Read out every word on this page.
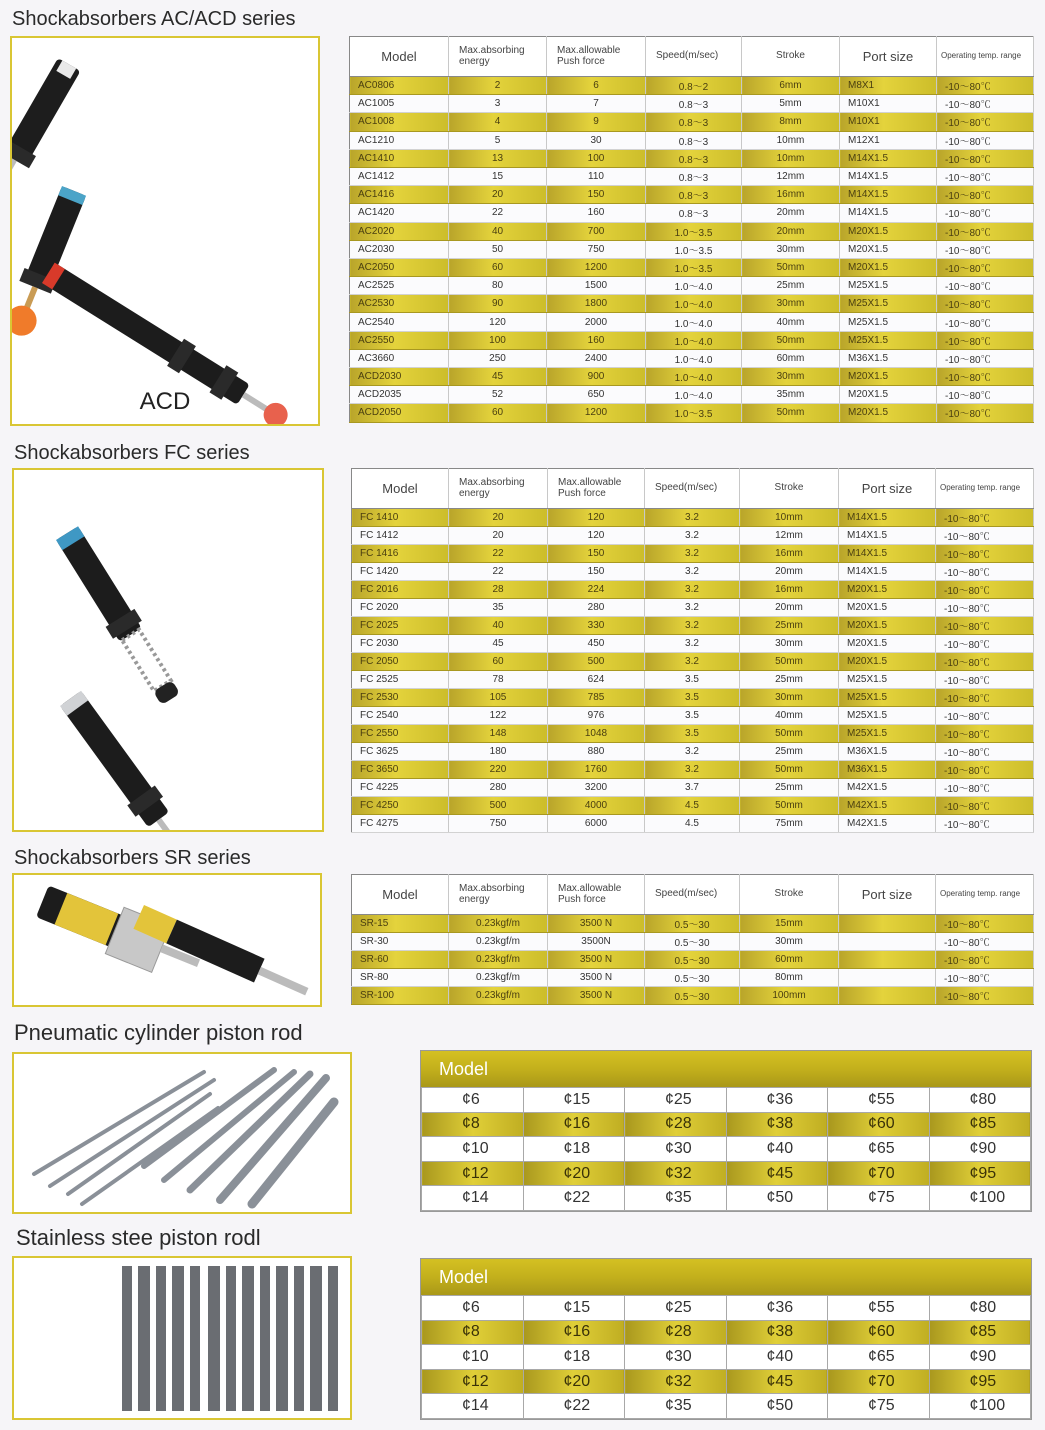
Shockabsorbers AC/ACD series
ACD
Model	Max.absorbing energy	Max.allowable Push force	Speed(m/sec)	Stroke	Port size	Operating temp. range
AC0806	2	6	0.8～2	6mm	M8X1	-10～80℃
AC1005	3	7	0.8～3	5mm	M10X1	-10～80℃
AC1008	4	9	0.8～3	8mm	M10X1	-10～80℃
AC1210	5	30	0.8～3	10mm	M12X1	-10～80℃
AC1410	13	100	0.8～3	10mm	M14X1.5	-10～80℃
AC1412	15	110	0.8～3	12mm	M14X1.5	-10～80℃
AC1416	20	150	0.8～3	16mm	M14X1.5	-10～80℃
AC1420	22	160	0.8～3	20mm	M14X1.5	-10～80℃
AC2020	40	700	1.0～3.5	20mm	M20X1.5	-10～80℃
AC2030	50	750	1.0～3.5	30mm	M20X1.5	-10～80℃
AC2050	60	1200	1.0～3.5	50mm	M20X1.5	-10～80℃
AC2525	80	1500	1.0～4.0	25mm	M25X1.5	-10～80℃
AC2530	90	1800	1.0～4.0	30mm	M25X1.5	-10～80℃
AC2540	120	2000	1.0～4.0	40mm	M25X1.5	-10～80℃
AC2550	100	160	1.0～4.0	50mm	M25X1.5	-10～80℃
AC3660	250	2400	1.0～4.0	60mm	M36X1.5	-10～80℃
ACD2030	45	900	1.0～4.0	30mm	M20X1.5	-10～80℃
ACD2035	52	650	1.0～4.0	35mm	M20X1.5	-10～80℃
ACD2050	60	1200	1.0～3.5	50mm	M20X1.5	-10～80℃
Shockabsorbers FC series
Model	Max.absorbing energy	Max.allowable Push force	Speed(m/sec)	Stroke	Port size	Operating temp. range
FC 1410	20	120	3.2	10mm	M14X1.5	-10～80℃
FC 1412	20	120	3.2	12mm	M14X1.5	-10～80℃
FC 1416	22	150	3.2	16mm	M14X1.5	-10～80℃
FC 1420	22	150	3.2	20mm	M14X1.5	-10～80℃
FC 2016	28	224	3.2	16mm	M20X1.5	-10～80℃
FC 2020	35	280	3.2	20mm	M20X1.5	-10～80℃
FC 2025	40	330	3.2	25mm	M20X1.5	-10～80℃
FC 2030	45	450	3.2	30mm	M20X1.5	-10～80℃
FC 2050	60	500	3.2	50mm	M20X1.5	-10～80℃
FC 2525	78	624	3.5	25mm	M25X1.5	-10～80℃
FC 2530	105	785	3.5	30mm	M25X1.5	-10～80℃
FC 2540	122	976	3.5	40mm	M25X1.5	-10～80℃
FC 2550	148	1048	3.5	50mm	M25X1.5	-10～80℃
FC 3625	180	880	3.2	25mm	M36X1.5	-10～80℃
FC 3650	220	1760	3.2	50mm	M36X1.5	-10～80℃
FC 4225	280	3200	3.7	25mm	M42X1.5	-10～80℃
FC 4250	500	4000	4.5	50mm	M42X1.5	-10～80℃
FC 4275	750	6000	4.5	75mm	M42X1.5	-10～80℃
Shockabsorbers SR series
Model	Max.absorbing energy	Max.allowable Push force	Speed(m/sec)	Stroke	Port size	Operating temp. range
SR-15	0.23kgf/m	3500 N	0.5～30	15mm		-10～80℃
SR-30	0.23kgf/m	3500N	0.5～30	30mm		-10～80℃
SR-60	0.23kgf/m	3500 N	0.5～30	60mm		-10～80℃
SR-80	0.23kgf/m	3500 N	0.5～30	80mm		-10～80℃
SR-100	0.23kgf/m	3500 N	0.5～30	100mm		-10～80℃
Pneumatic cylinder piston rod
Model
¢6	¢15	¢25	¢36	¢55	¢80
¢8	¢16	¢28	¢38	¢60	¢85
¢10	¢18	¢30	¢40	¢65	¢90
¢12	¢20	¢32	¢45	¢70	¢95
¢14	¢22	¢35	¢50	¢75	¢100
Stainless stee piston rodl
Model
¢6	¢15	¢25	¢36	¢55	¢80
¢8	¢16	¢28	¢38	¢60	¢85
¢10	¢18	¢30	¢40	¢65	¢90
¢12	¢20	¢32	¢45	¢70	¢95
¢14	¢22	¢35	¢50	¢75	¢100
